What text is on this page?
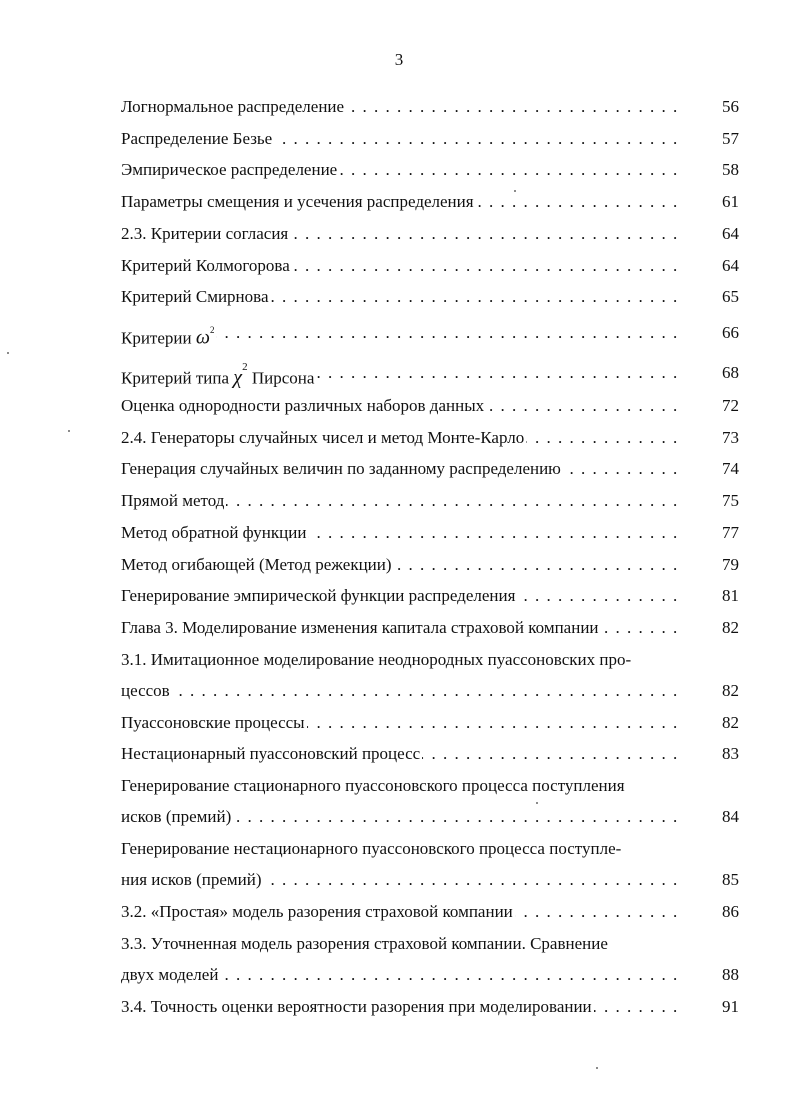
3
. . .
Логнормальное распределение	56
. . .
Распределение Безье	57
. . .
Эмпирическое распределение	58
. . .
Параметры смещения и усечения распределения	61
. . .
2.3. Критерии согласия	64
. . .
Критерий Колмогорова	64
. . .
Критерий Смирнова	65
. . .
Критерии $\omega^2$	66
. . .
Критерий типа $\chi^2$ Пирсона	68
. . .
Оценка однородности различных наборов данных	72
. . .
2.4. Генераторы случайных чисел и метод Монте-Карло	73
. . .
Генерация случайных величин по заданному распределению	74
. . .
Прямой метод	75
. . .
Метод обратной функции	77
. . .
Метод огибающей (Метод режекции)	79
. . .
Генерирование эмпирической функции распределения	81
. . .
Глава 3. Моделирование изменения капитала страховой компании	82
3.1. Имитационное моделирование неоднородных пуассоновских про-
. . .
цессов	82
. . .
Пуассоновские процессы	82
. . .
Нестационарный пуассоновский процесс	83
Генерирование стационарного пуассоновского процесса поступления
. . .
исков (премий)	84
Генерирование нестационарного пуассоновского процесса поступле-
. . .
ния исков (премий)	85
. . .
3.2. «Простая» модель разорения страховой компании	86
3.3. Уточненная модель разорения страховой компании. Сравнение
. . .
двух моделей	88
. . .
3.4. Точность оценки вероятности разорения при моделировании	91
